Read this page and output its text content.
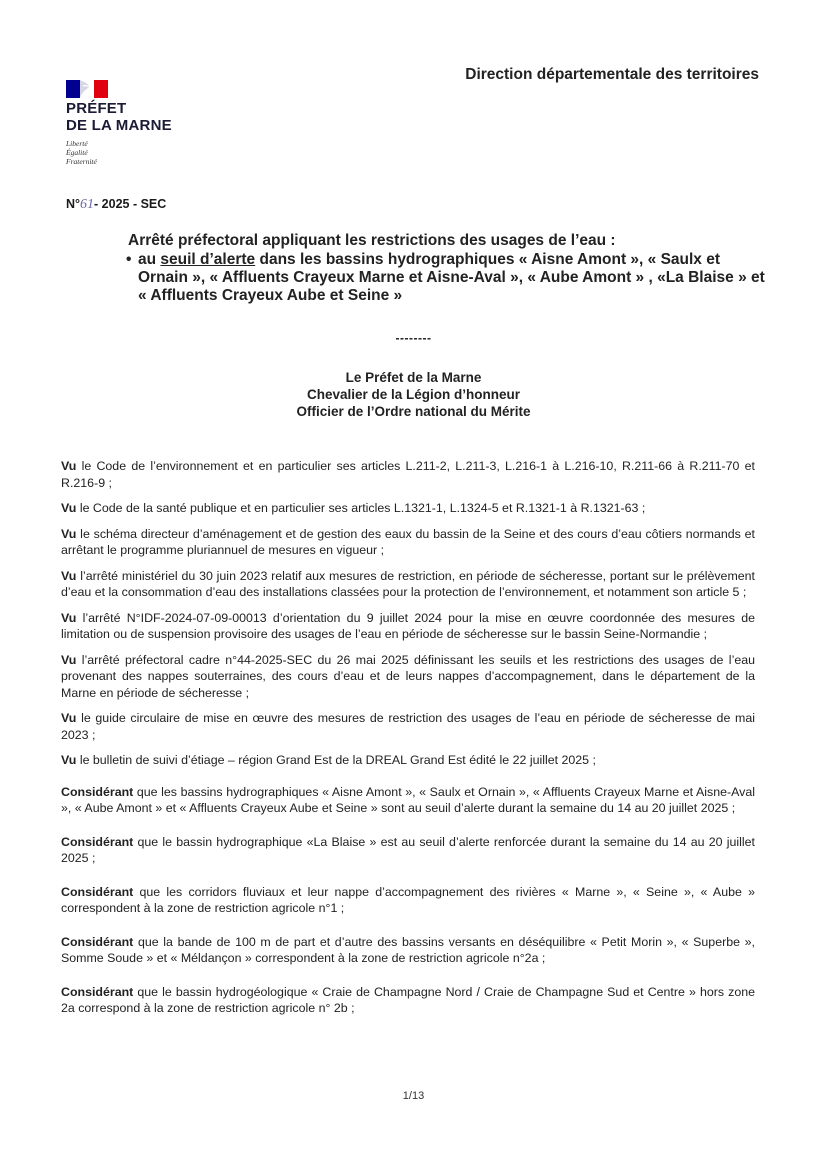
PRÉFET
DE LA MARNE
Liberté
Égalité
Fraternité
Direction départementale des territoires
N°61- 2025 - SEC
Arrêté préfectoral appliquant les restrictions des usages de l’eau :
• au seuil d’alerte dans les bassins hydrographiques « Aisne Amont », « Saulx et Ornain », « Affluents Crayeux Marne et Aisne-Aval », « Aube Amont » , «La Blaise » et « Affluents Crayeux Aube et Seine »
--------
Le Préfet de la Marne
Chevalier de la Légion d’honneur
Officier de l’Ordre national du Mérite

Vu le Code de l’environnement et en particulier ses articles L.211-2, L.211-3, L.216-1 à L.216-10, R.211-66 à R.211-70 et R.216-9 ;

Vu le Code de la santé publique et en particulier ses articles L.1321-1, L.1324-5 et R.1321-1 à R.1321-63 ;

Vu le schéma directeur d’aménagement et de gestion des eaux du bassin de la Seine et des cours d’eau côtiers normands et arrêtant le programme pluriannuel de mesures en vigueur ;

Vu l’arrêté ministériel du 30 juin 2023 relatif aux mesures de restriction, en période de sécheresse, portant sur le prélèvement d’eau et la consommation d’eau des installations classées pour la protection de l’environnement, et notamment son article 5 ;

Vu l’arrêté N°IDF-2024-07-09-00013 d’orientation du 9 juillet 2024 pour la mise en œuvre coordonnée des mesures de limitation ou de suspension provisoire des usages de l’eau en période de sécheresse sur le bassin Seine-Normandie ;

Vu l’arrêté préfectoral cadre n°44-2025-SEC du 26 mai 2025 définissant les seuils et les restrictions des usages de l’eau provenant des nappes souterraines, des cours d’eau et de leurs nappes d’accompagnement, dans le département de la Marne en période de sécheresse ;

Vu le guide circulaire de mise en œuvre des mesures de restriction des usages de l’eau en période de sécheresse de mai 2023 ;

Vu le bulletin de suivi d’étiage – région Grand Est de la DREAL Grand Est édité le 22 juillet 2025 ;

Considérant que les bassins hydrographiques « Aisne Amont », « Saulx et Ornain », « Affluents Crayeux Marne et Aisne-Aval », « Aube Amont » et « Affluents Crayeux Aube et Seine » sont au seuil d’alerte durant la semaine du 14 au 20 juillet 2025 ;

Considérant que le bassin hydrographique «La Blaise » est au seuil d’alerte renforcée durant la semaine du 14 au 20 juillet 2025 ;

Considérant que les corridors fluviaux et leur nappe d’accompagnement des rivières « Marne », « Seine », « Aube » correspondent à la zone de restriction agricole n°1 ;

Considérant que la bande de 100 m de part et d’autre des bassins versants en déséquilibre « Petit Morin », « Superbe », Somme Soude » et « Méldançon » correspondent à la zone de restriction agricole n°2a ;

Considérant que le bassin hydrogéologique « Craie de Champagne Nord / Craie de Champagne Sud et Centre » hors zone 2a correspond à la zone de restriction agricole n° 2b ;

1/13
